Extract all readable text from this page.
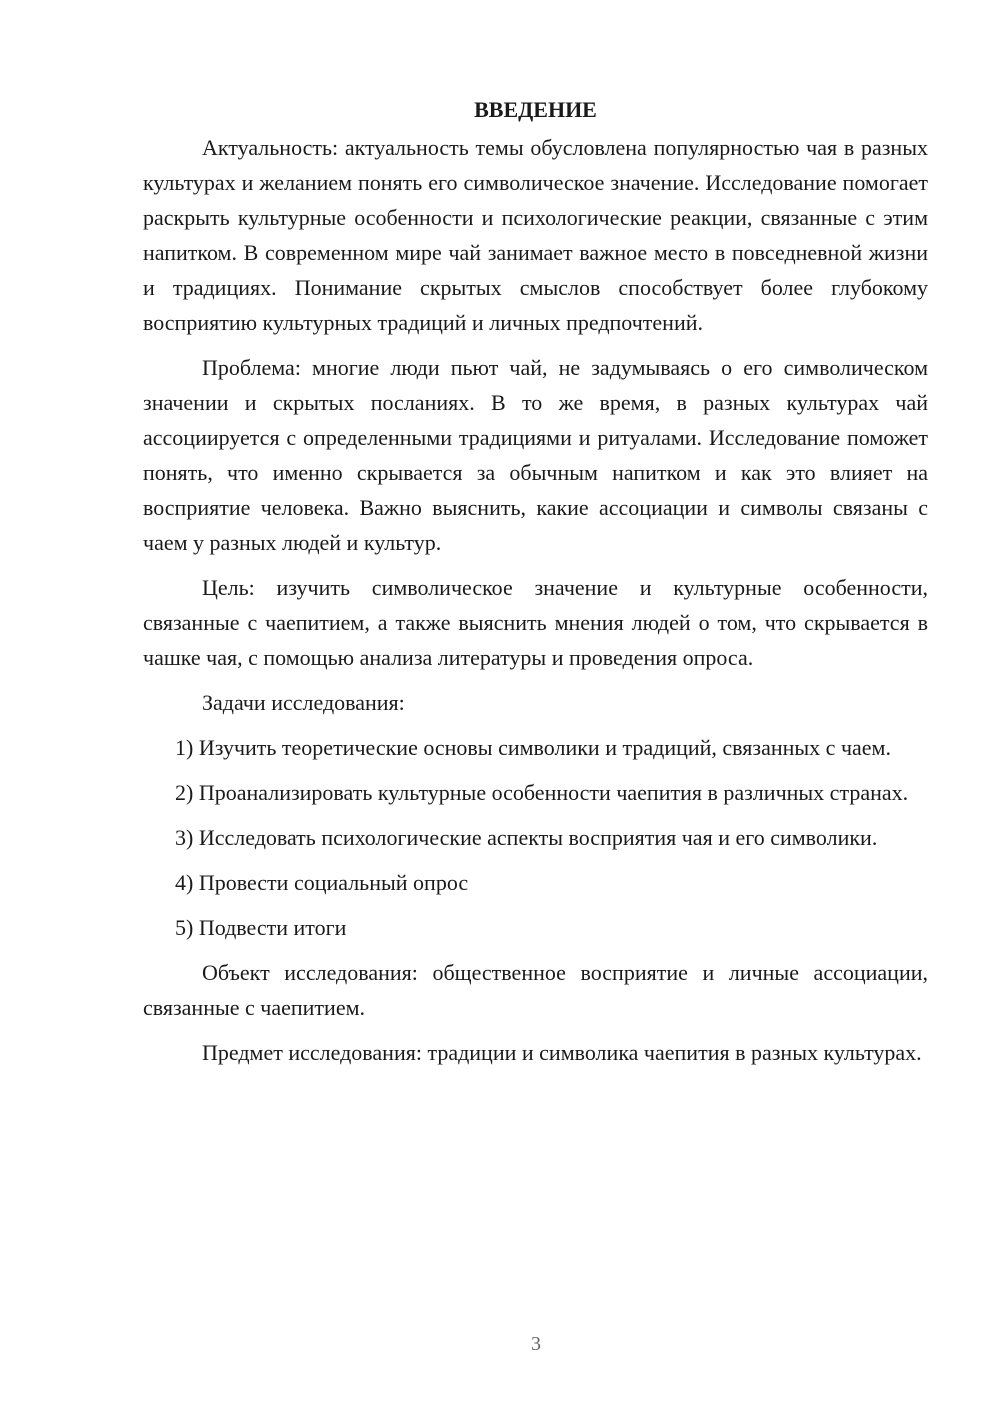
ВВЕДЕНИЕ

Актуальность: актуальность темы обусловлена популярностью чая в разных культурах и желанием понять его символическое значение. Исследование помогает раскрыть культурные особенности и психологические реакции, связанные с этим напитком. В современном мире чай занимает важное место в повседневной жизни и традициях. Понимание скрытых смыслов способствует более глубокому восприятию культурных традиций и личных предпочтений.

Проблема: многие люди пьют чай, не задумываясь о его символическом значении и скрытых посланиях. В то же время, в разных культурах чай ассоциируется с определенными традициями и ритуалами. Исследование поможет понять, что именно скрывается за обычным напитком и как это влияет на восприятие человека. Важно выяснить, какие ассоциации и символы связаны с чаем у разных людей и культур.

Цель: изучить символическое значение и культурные особенности, связанные с чаепитием, а также выяснить мнения людей о том, что скрывается в чашке чая, с помощью анализа литературы и проведения опроса.

Задачи исследования:

1) Изучить теоретические основы символики и традиций, связанных с чаем.

2) Проанализировать культурные особенности чаепития в различных странах.

3) Исследовать психологические аспекты восприятия чая и его символики.

4) Провести социальный опрос

5) Подвести итоги

Объект исследования: общественное восприятие и личные ассоциации, связанные с чаепитием.

Предмет исследования: традиции и символика чаепития в разных культурах.

3
